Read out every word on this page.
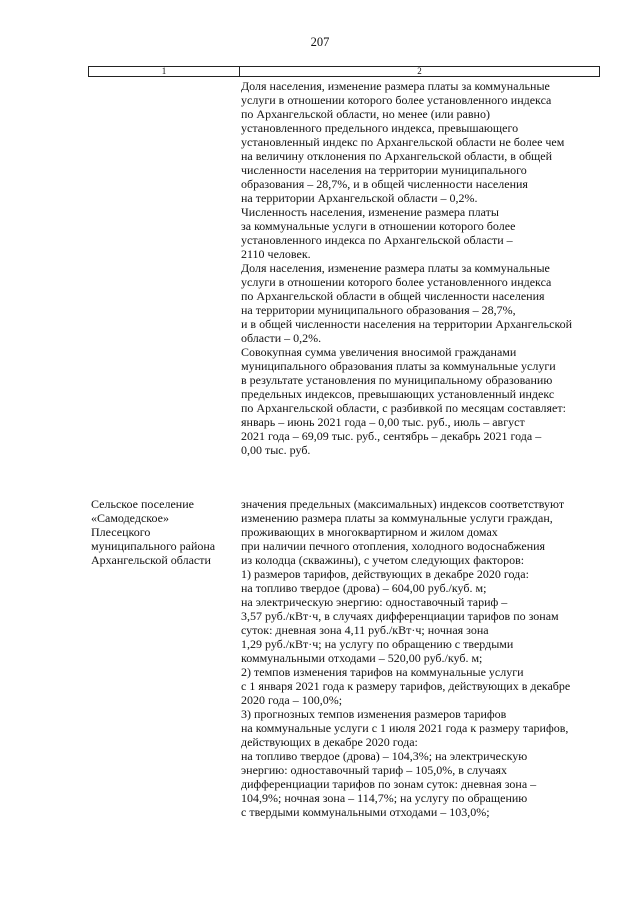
207
1	2
Доля населения, изменение размера платы за коммунальные
услуги в отношении которого более установленного индекса
по Архангельской области, но менее (или равно)
установленного предельного индекса, превышающего
установленный индекс по Архангельской области не более чем
на величину отклонения по Архангельской области, в общей
численности населения на территории муниципального
образования – 28,7%, и в общей численности населения
на территории Архангельской области – 0,2%.
Численность населения, изменение размера платы
за коммунальные услуги в отношении которого более
установленного индекса по Архангельской области –
2110 человек.
Доля населения, изменение размера платы за коммунальные
услуги в отношении которого более установленного индекса
по Архангельской области в общей численности населения
на территории муниципального образования – 28,7%,
и в общей численности населения на территории Архангельской
области – 0,2%.
Совокупная сумма увеличения вносимой гражданами
муниципального образования платы за коммунальные услуги
в результате установления по муниципальному образованию
предельных индексов, превышающих установленный индекс
по Архангельской области, с разбивкой по месяцам составляет:
январь – июнь 2021 года – 0,00 тыс. руб., июль – август
2021 года – 69,09 тыс. руб., сентябрь – декабрь 2021 года –
0,00 тыс. руб.
Сельское поселение
«Самодедское»
Плесецкого
муниципального района
Архангельской области
значения предельных (максимальных) индексов соответствуют
изменению размера платы за коммунальные услуги граждан,
проживающих в многоквартирном и жилом домах
при наличии печного отопления, холодного водоснабжения
из колодца (скважины), с учетом следующих факторов:
1) размеров тарифов, действующих в декабре 2020 года:
на топливо твердое (дрова) – 604,00 руб./куб. м;
на электрическую энергию: одноставочный тариф –
3,57 руб./кВт·ч, в случаях дифференциации тарифов по зонам
суток: дневная зона 4,11 руб./кВт·ч; ночная зона
1,29 руб./кВт·ч; на услугу по обращению с твердыми
коммунальными отходами – 520,00 руб./куб. м;
2) темпов изменения тарифов на коммунальные услуги
с 1 января 2021 года к размеру тарифов, действующих в декабре
2020 года – 100,0%;
3) прогнозных темпов изменения размеров тарифов
на коммунальные услуги с 1 июля 2021 года к размеру тарифов,
действующих в декабре 2020 года:
на топливо твердое (дрова) – 104,3%; на электрическую
энергию: одноставочный тариф – 105,0%, в случаях
дифференциации тарифов по зонам суток: дневная зона –
104,9%; ночная зона – 114,7%; на услугу по обращению
с твердыми коммунальными отходами – 103,0%;
